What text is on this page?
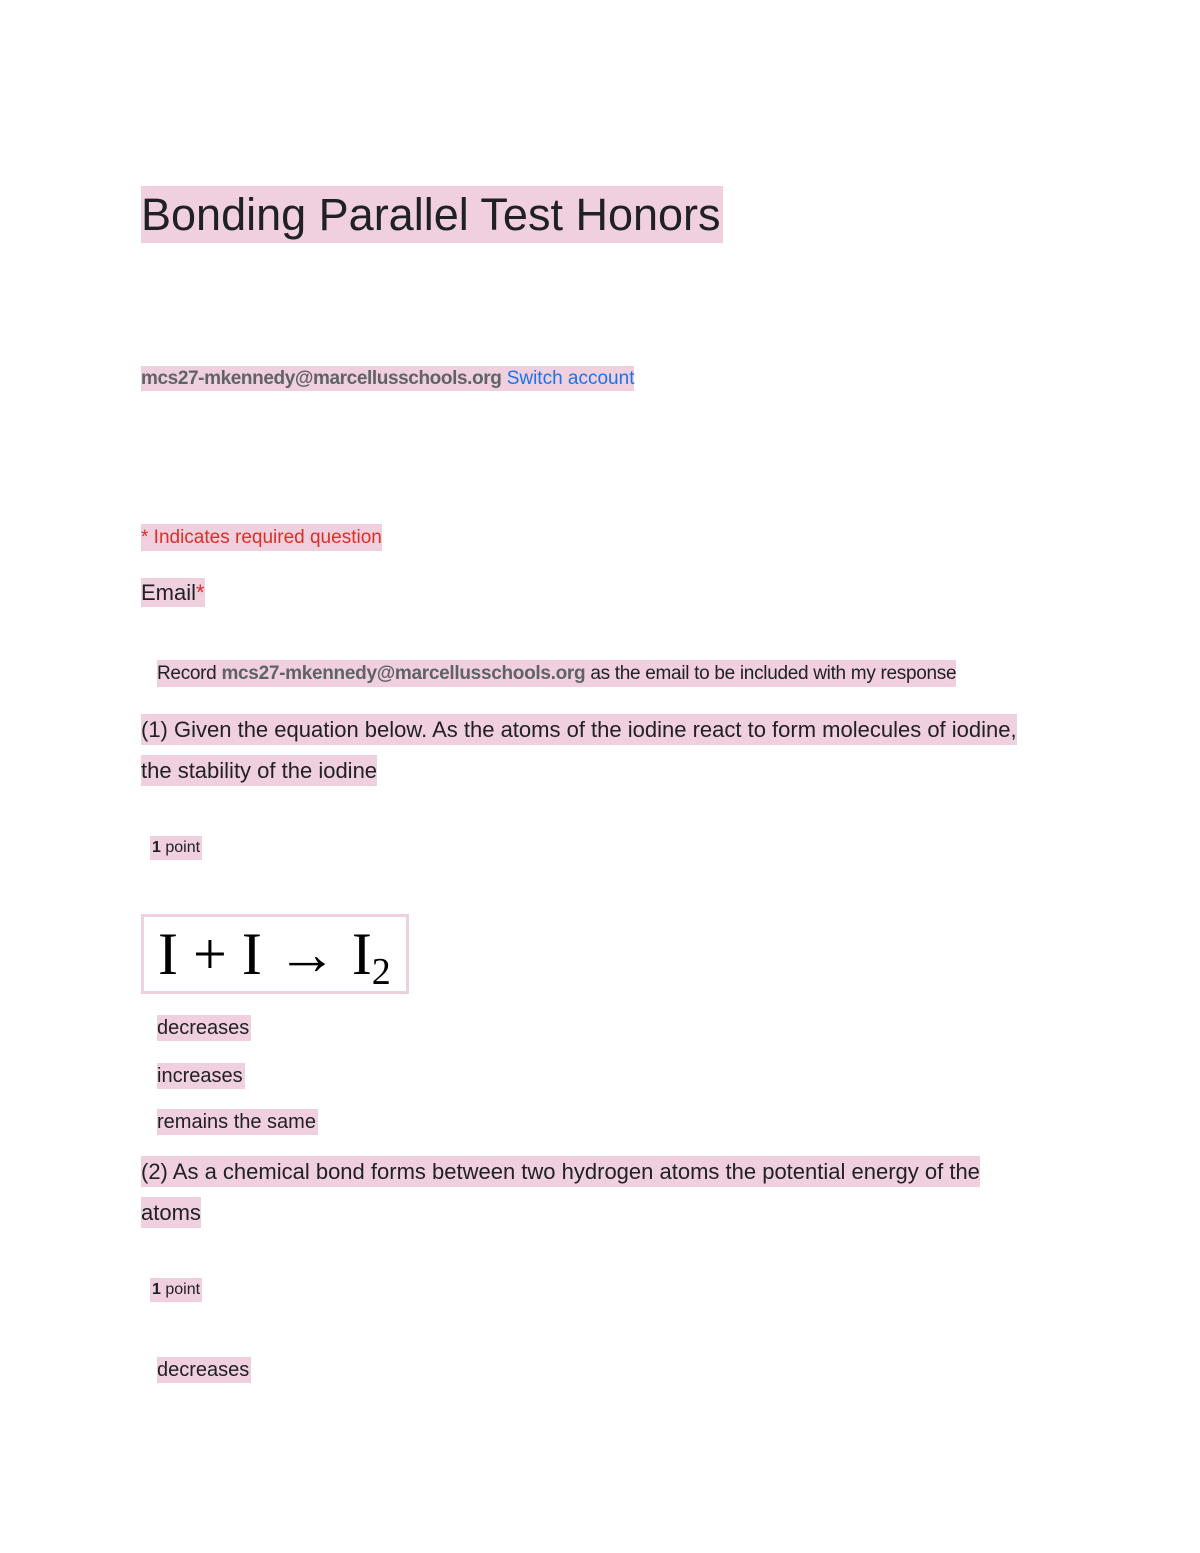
Bonding Parallel Test Honors
mcs27-mkennedy@marcellusschools.org Switch account
* Indicates required question
Email*
Record mcs27-mkennedy@marcellusschools.org as the email to be included with my response
(1) Given the equation below. As the atoms of the iodine react to form molecules of iodine, the stability of the iodine
1 point
$I + I \to I_2$
decreases
increases
remains the same
(2) As a chemical bond forms between two hydrogen atoms the potential energy of the atoms
1 point
decreases
